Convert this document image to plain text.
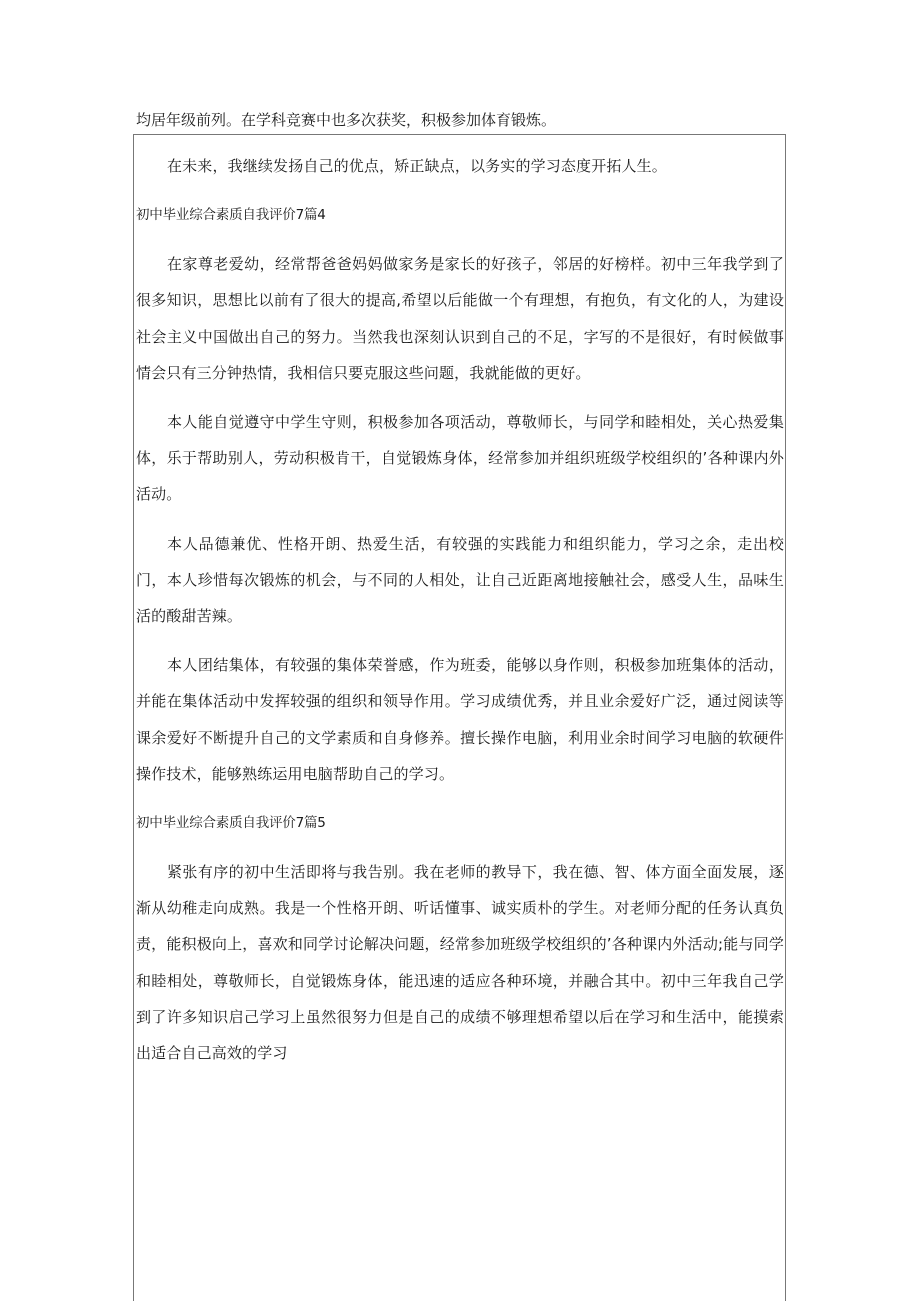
均居年级前列。在学科竞赛中也多次获奖，积极参加体育锻炼。

在未来，我继续发扬自己的优点，矫正缺点，以务实的学习态度开拓人生。

初中毕业综合素质自我评价7篇4

在家尊老爱幼，经常帮爸爸妈妈做家务是家长的好孩子，邻居的好榜样。初中三年我学到了很多知识，思想比以前有了很大的提高,希望以后能做一个有理想，有抱负，有文化的人，为建设社会主义中国做出自己的努力。当然我也深刻认识到自己的不足，字写的不是很好，有时候做事情会只有三分钟热情，我相信只要克服这些问题，我就能做的更好。

本人能自觉遵守中学生守则，积极参加各项活动，尊敬师长，与同学和睦相处，关心热爱集体，乐于帮助别人，劳动积极肯干，自觉锻炼身体，经常参加并组织班级学校组织的’各种课内外活动。

本人品德兼优、性格开朗、热爱生活，有较强的实践能力和组织能力，学习之余，走出校门，本人珍惜每次锻炼的机会，与不同的人相处，让自己近距离地接触社会，感受人生，品味生活的酸甜苦辣。

本人团结集体，有较强的集体荣誉感，作为班委，能够以身作则，积极参加班集体的活动，并能在集体活动中发挥较强的组织和领导作用。学习成绩优秀，并且业余爱好广泛，通过阅读等课余爱好不断提升自己的文学素质和自身修养。擅长操作电脑，利用业余时间学习电脑的软硬件操作技术，能够熟练运用电脑帮助自己的学习。

初中毕业综合素质自我评价7篇5

紧张有序的初中生活即将与我告别。我在老师的教导下，我在德、智、体方面全面发展，逐渐从幼稚走向成熟。我是一个性格开朗、听话懂事、诚实质朴的学生。对老师分配的任务认真负责，能积极向上，喜欢和同学讨论解决问题，经常参加班级学校组织的’各种课内外活动;能与同学和睦相处，尊敬师长，自觉锻炼身体，能迅速的适应各种环境，并融合其中。初中三年我自己学到了许多知识启己学习上虽然很努力但是自己的成绩不够理想希望以后在学习和生活中，能摸索出适合自己高效的学习
